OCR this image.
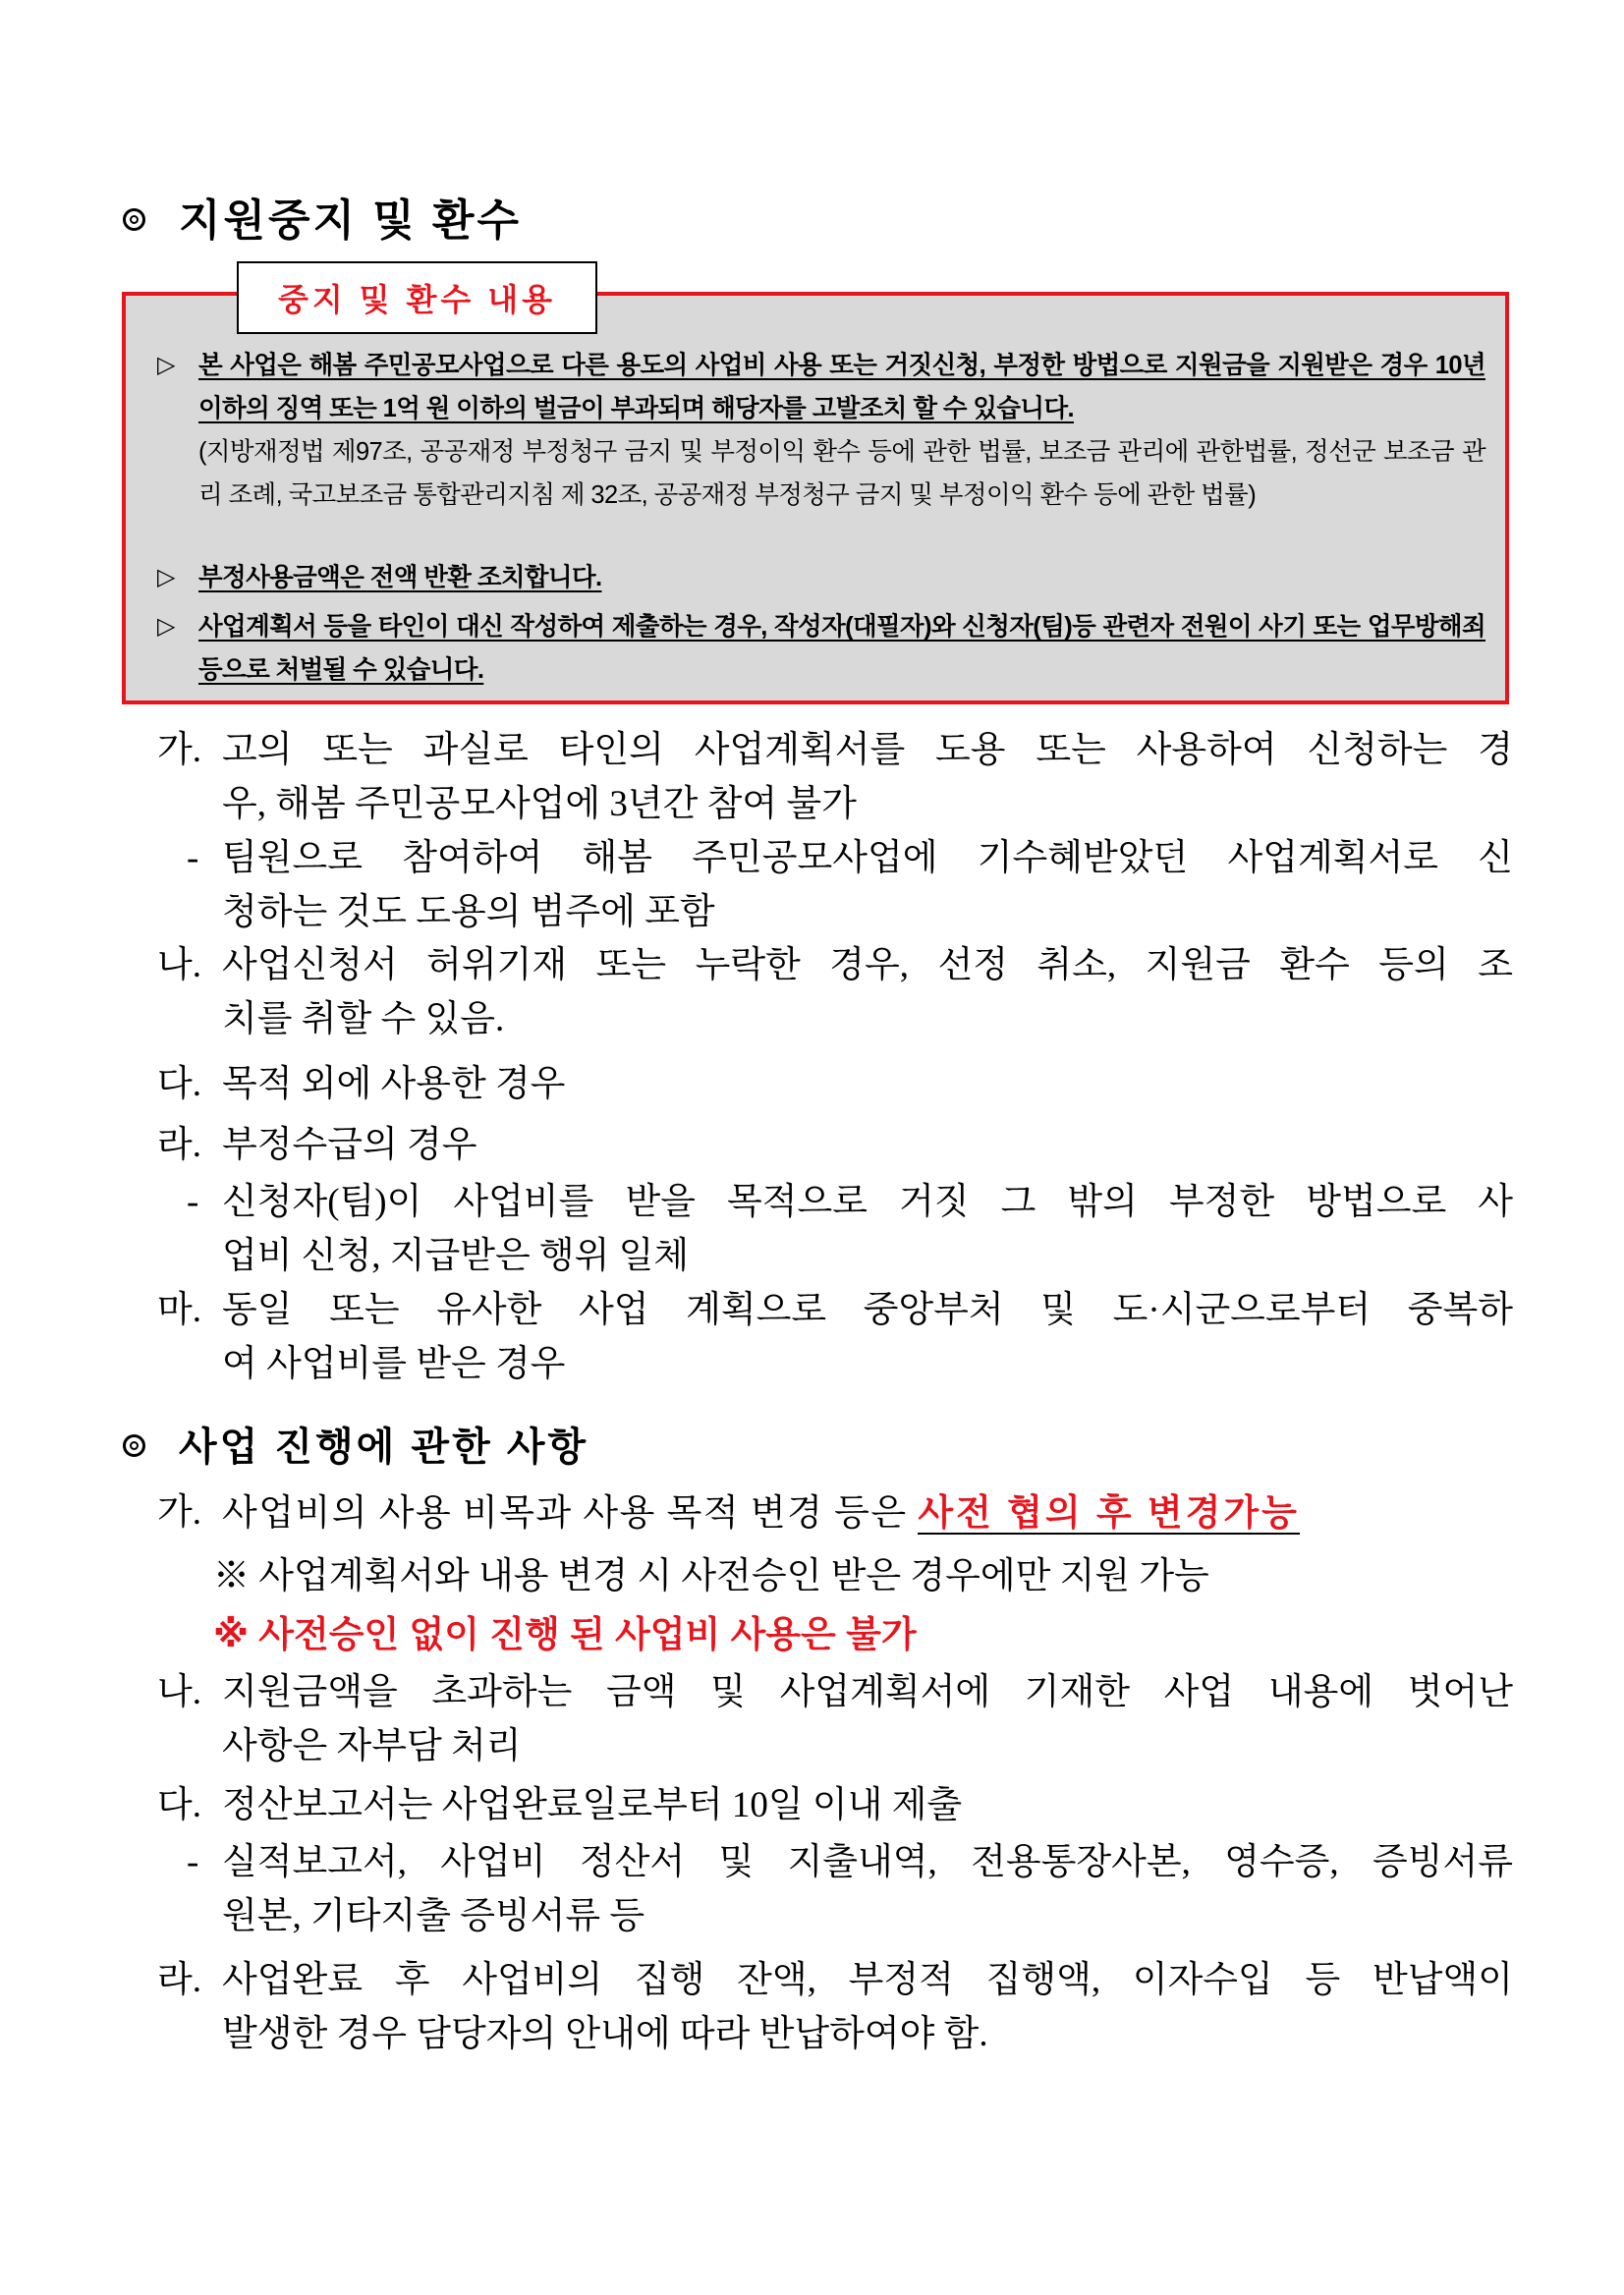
지원중지 및 환수
중지 및 환수 내용
▷ 본 사업은 해봄 주민공모사업으로 다른 용도의 사업비 사용 또는 거짓신청, 부정한 방법으로 지원금을 지원받은 경우 10년 이하의 징역 또는 1억 원 이하의 벌금이 부과되며 해당자를 고발조치 할 수 있습니다.
(지방재정법 제97조, 공공재정 부정청구 금지 및 부정이익 환수 등에 관한 법률, 보조금 관리에 관한법률, 정선군 보조금 관리 조례, 국고보조금 통합관리지침 제 32조, 공공재정 부정청구 금지 및 부정이익 환수 등에 관한 법률)
▷ 부정사용금액은 전액 반환 조치합니다.
▷ 사업계획서 등을 타인이 대신 작성하여 제출하는 경우, 작성자(대필자)와 신청자(팀)등 관련자 전원이 사기 또는 업무방해죄 등으로 처벌될 수 있습니다.
가. 고의 또는 과실로 타인의 사업계획서를 도용 또는 사용하여 신청하는 경
우, 해봄 주민공모사업에 3년간 참여 불가
- 팀원으로 참여하여 해봄 주민공모사업에 기수혜받았던 사업계획서로 신
청하는 것도 도용의 범주에 포함
나. 사업신청서 허위기재 또는 누락한 경우, 선정 취소, 지원금 환수 등의 조
치를 취할 수 있음.
다. 목적 외에 사용한 경우
라. 부정수급의 경우
- 신청자(팀)이 사업비를 받을 목적으로 거짓 그 밖의 부정한 방법으로 사
업비 신청, 지급받은 행위 일체
마. 동일 또는 유사한 사업 계획으로 중앙부처 및 도·시군으로부터 중복하
여 사업비를 받은 경우
사업 진행에 관한 사항
가. 사업비의 사용 비목과 사용 목적 변경 등은 사전 협의 후 변경가능
※ 사업계획서와 내용 변경 시 사전승인 받은 경우에만 지원 가능
※ 사전승인 없이 진행 된 사업비 사용은 불가
나. 지원금액을 초과하는 금액 및 사업계획서에 기재한 사업 내용에 벗어난
사항은 자부담 처리
다. 정산보고서는 사업완료일로부터 10일 이내 제출
- 실적보고서, 사업비 정산서 및 지출내역, 전용통장사본, 영수증, 증빙서류
원본, 기타지출 증빙서류 등
라. 사업완료 후 사업비의 집행 잔액, 부정적 집행액, 이자수입 등 반납액이
발생한 경우 담당자의 안내에 따라 반납하여야 함.
